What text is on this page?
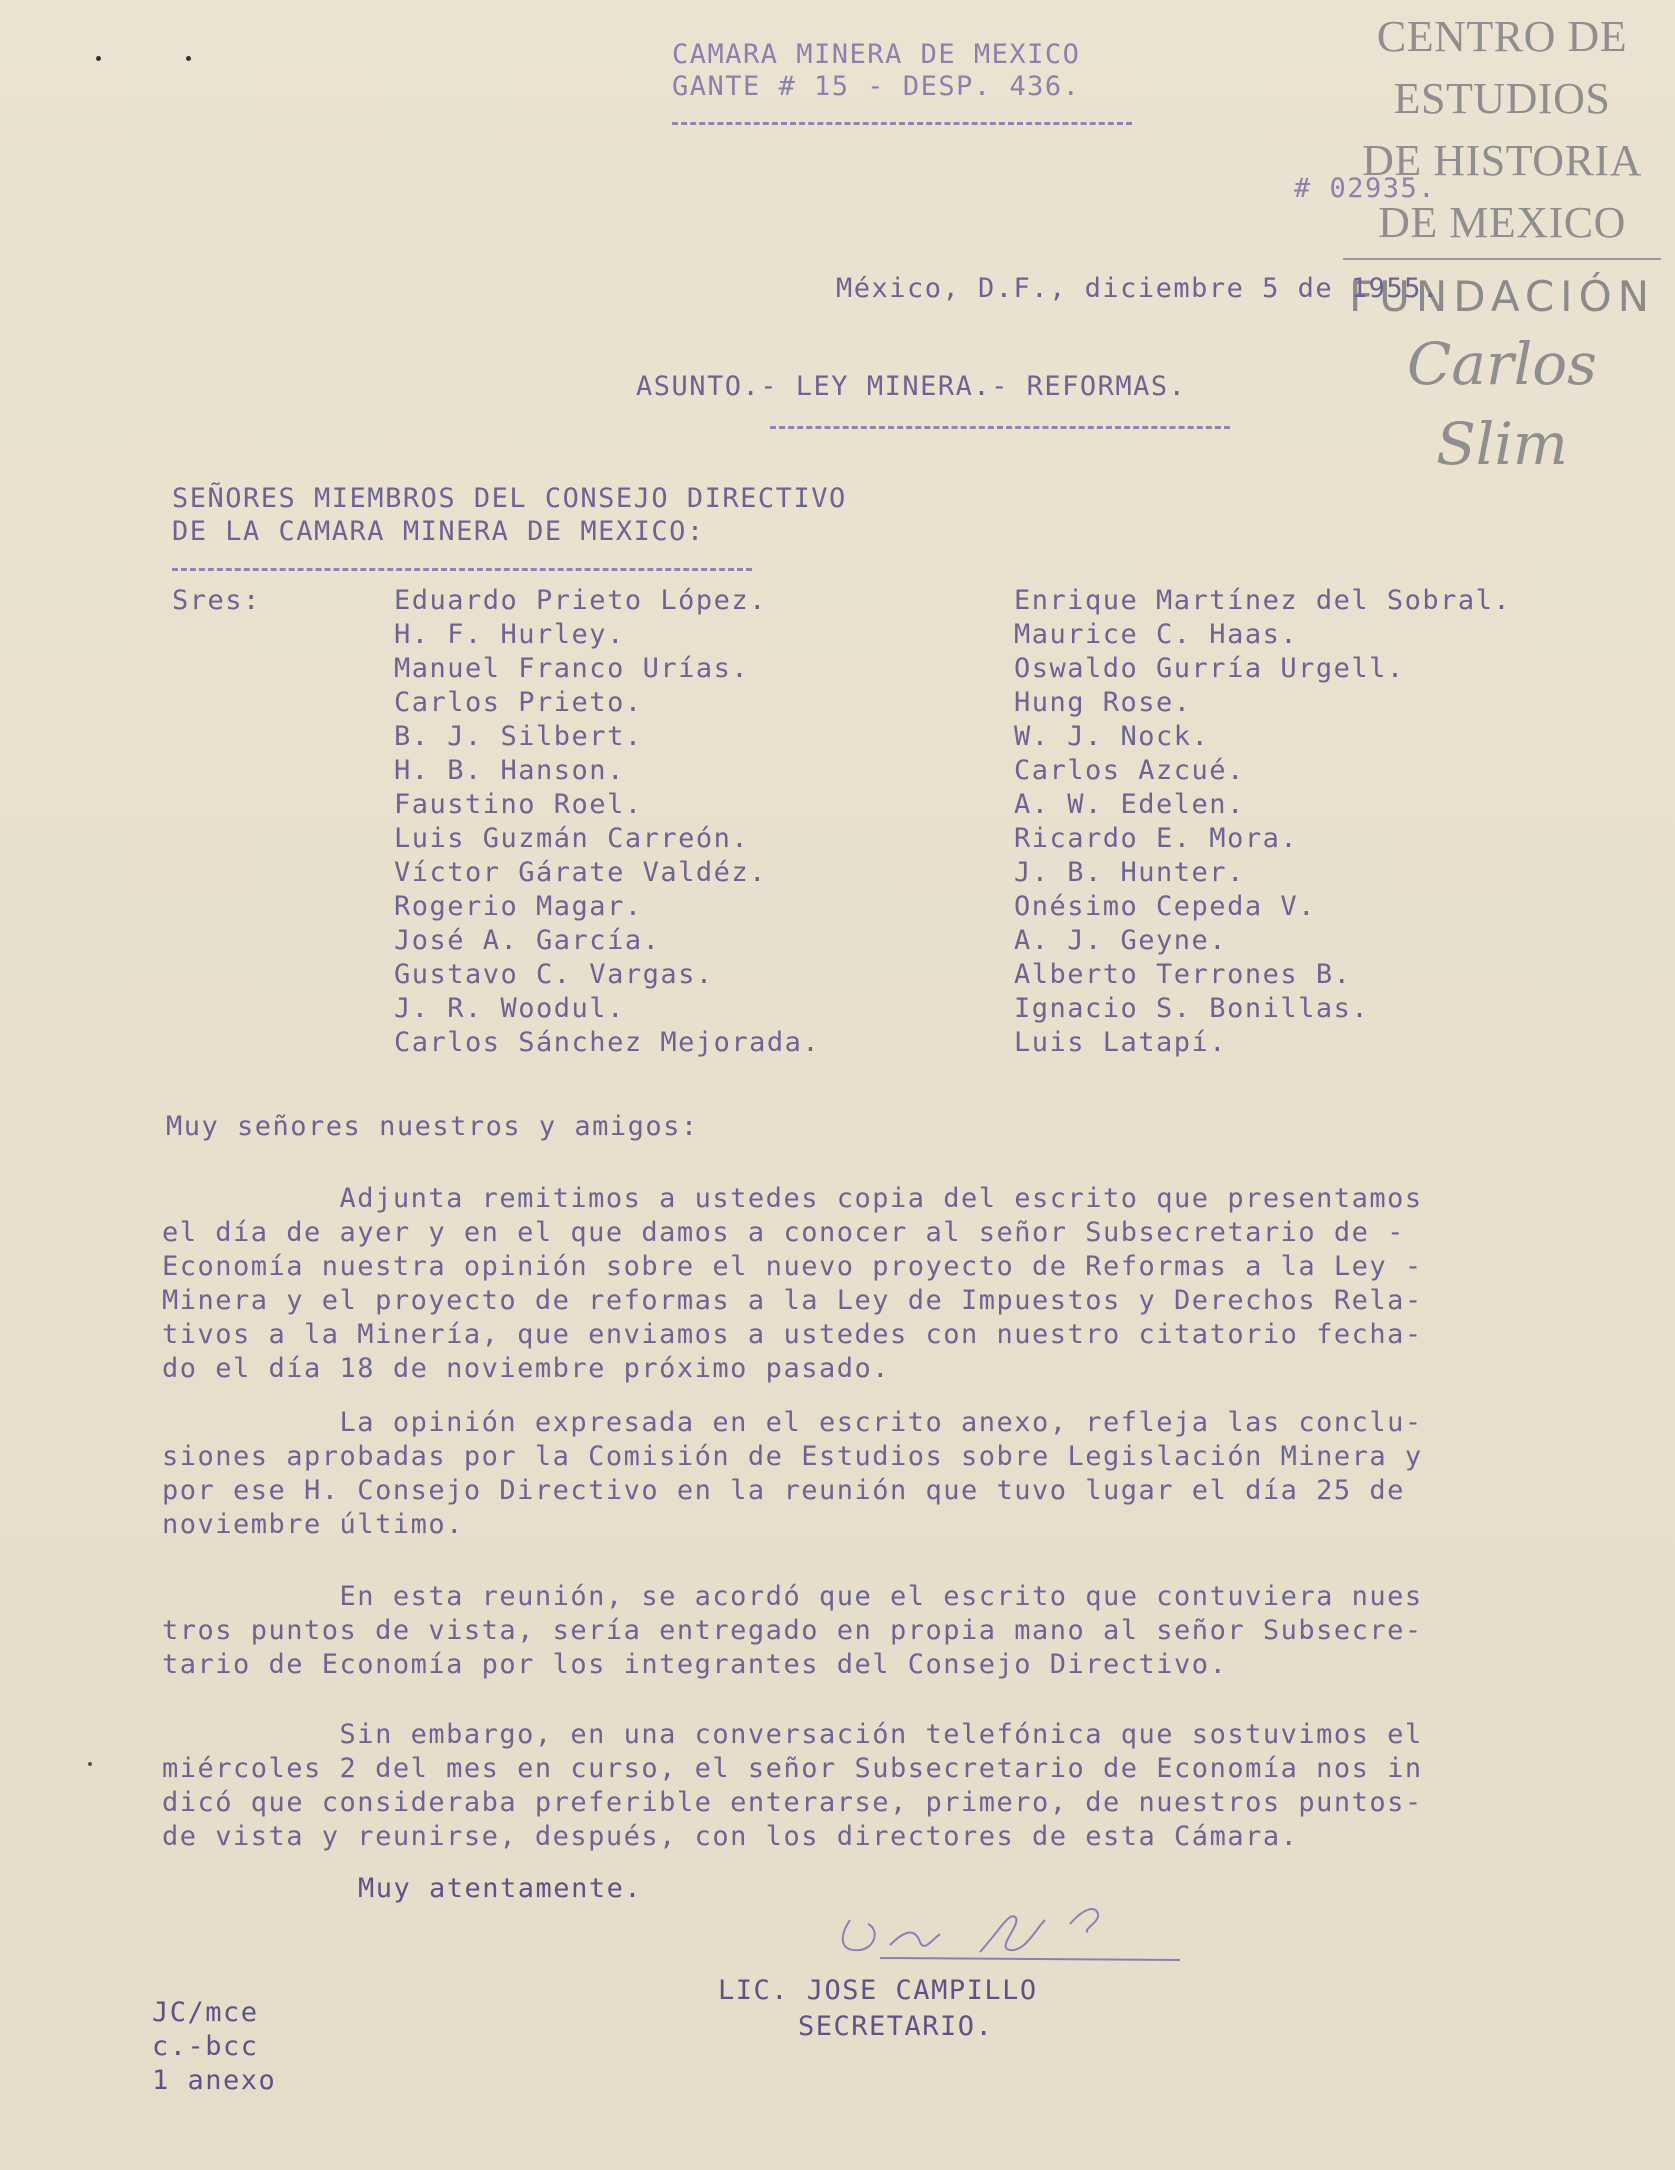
CENTRO DE
ESTUDIOS
DE HISTORIA
DE MEXICO
FUNDACIÓN
Carlos Slim

CAMARA MINERA DE MEXICO

GANTE # 15 - DESP. 436.

# 02935.

México, D.F., diciembre 5 de 1955.

ASUNTO.- LEY MINERA.- REFORMAS.

SEÑORES MIEMBROS DEL CONSEJO DIRECTIVO

DE LA CAMARA MINERA DE MEXICO:

Sres:	Eduardo Prieto López.
H. F. Hurley.
Manuel Franco Urías.
Carlos Prieto.
B. J. Silbert.
H. B. Hanson.
Faustino Roel.
Luis Guzmán Carreón.
Víctor Gárate Valdéz.
Rogerio Magar.
José A. García.
Gustavo C. Vargas.
J. R. Woodul.
Carlos Sánchez Mejorada.
Enrique Martínez del Sobral.
Maurice C. Haas.
Oswaldo Gurría Urgell.
Hung Rose.
W. J. Nock.
Carlos Azcué.
A. W. Edelen.
Ricardo E. Mora.
J. B. Hunter.
Onésimo Cepeda V.
A. J. Geyne.
Alberto Terrones B.
Ignacio S. Bonillas.
Luis Latapí.

Muy señores nuestros y amigos:

Adjunta remitimos a ustedes copia del escrito que presentamos

el día de ayer y en el que damos a conocer al señor Subsecretario de -

Economía nuestra opinión sobre el nuevo proyecto de Reformas a la Ley -

Minera y el proyecto de reformas a la Ley de Impuestos y Derechos Rela-

tivos a la Minería, que enviamos a ustedes con nuestro citatorio fecha-

do el día 18 de noviembre próximo pasado.

La opinión expresada en el escrito anexo, refleja las conclu-

siones aprobadas por la Comisión de Estudios sobre Legislación Minera y

por ese H. Consejo Directivo en la reunión que tuvo lugar el día 25 de

noviembre último.

En esta reunión, se acordó que el escrito que contuviera nues

tros puntos de vista, sería entregado en propia mano al señor Subsecre-

tario de Economía por los integrantes del Consejo Directivo.

Sin embargo, en una conversación telefónica que sostuvimos el

miércoles 2 del mes en curso, el señor Subsecretario de Economía nos in

dicó que consideraba preferible enterarse, primero, de nuestros puntos-

de vista y reunirse, después, con los directores de esta Cámara.

Muy atentamente.

LIC. JOSE CAMPILLO

SECRETARIO.

JC/mce

c.-bcc

1 anexo
